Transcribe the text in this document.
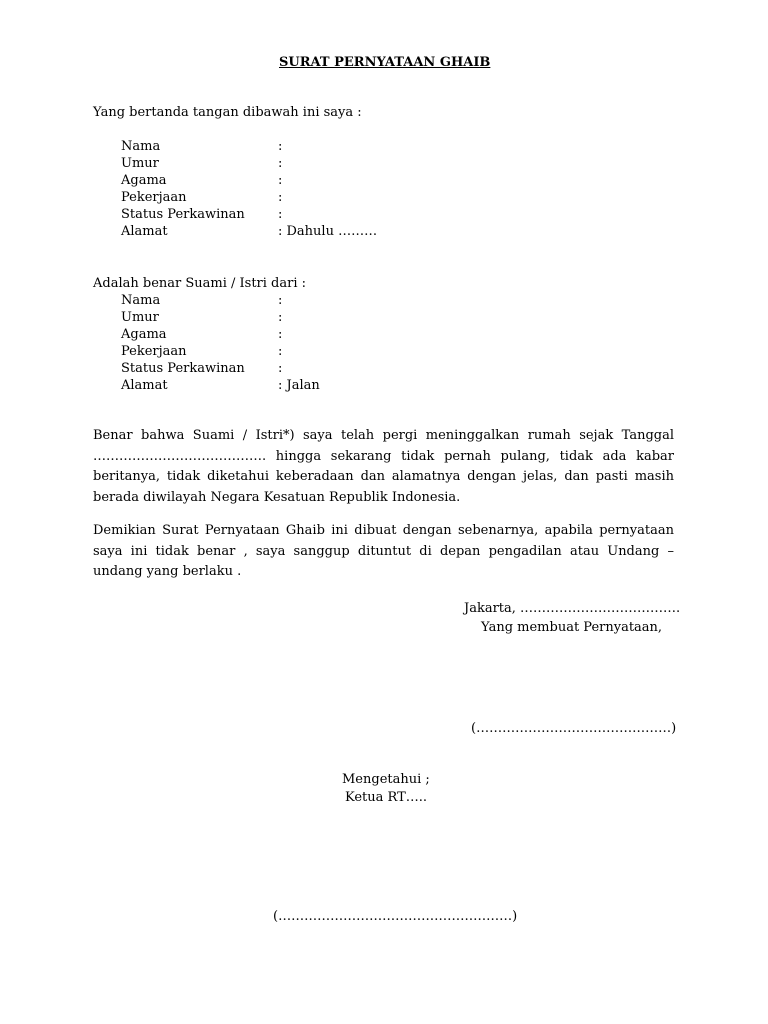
SURAT PERNYATAAN GHAIB
Yang bertanda tangan dibawah ini saya :
Nama	:
Umur	:
Agama	:
Pekerjaan	:
Status Perkawinan	:
Alamat	: Dahulu ………
Adalah benar Suami / Istri dari :
Nama	:
Umur	:
Agama	:
Pekerjaan	:
Status Perkawinan	:
Alamat	: Jalan
Benar bahwa Suami / Istri*) saya telah pergi meninggalkan rumah sejak Tanggal …………………………………. hingga sekarang tidak pernah pulang, tidak ada kabar beritanya, tidak diketahui keberadaan dan alamatnya dengan jelas, dan pasti masih berada diwilayah Negara Kesatuan Republik Indonesia.
Demikian Surat Pernyataan Ghaib ini dibuat dengan sebenarnya, apabila pernyataan saya ini tidak benar , saya sanggup dituntut di depan pengadilan atau Undang – undang yang berlaku .
Jakarta, ……………………………….
Yang membuat Pernyataan,
(………………………………………)
Mengetahui ;
Ketua RT…..
(………………………………………………)
